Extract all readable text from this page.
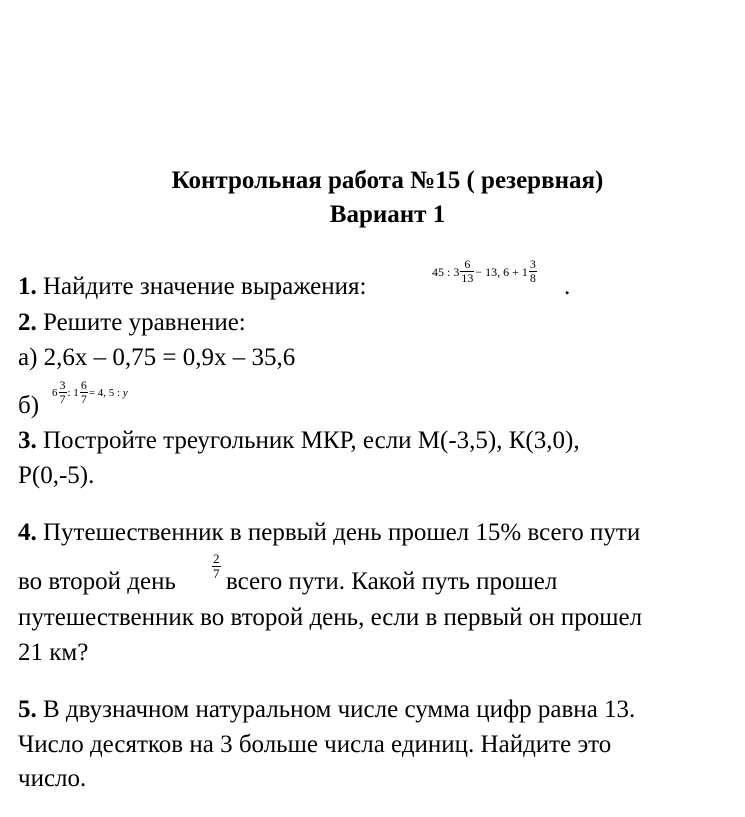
Контрольная работа №15 ( резервная)
Вариант 1
1. Найдите значение выражения:
45 : $3 \frac{6}{13} - 13$, $6 + 1 \frac{3}{8}$
.
2. Решите уравнение:
а) 2,6х – 0,75 = 0,9х – 35,6
б) $6 \frac{3}{7}$ : $1 \frac{6}{7} = 4$, 5 : y
3. Постройте треугольник МКР, если М(-3,5), К(3,0),
Р(0,-5).
4. Путешественник в первый день прошел 15% всего пути
во второй день
$\frac{2}{7}$
всего пути. Какой путь прошел
путешественник во второй день, если в первый он прошел
21 км?
5. В двузначном натуральном числе сумма цифр равна 13.
Число десятков на 3 больше числа единиц. Найдите это
число.
